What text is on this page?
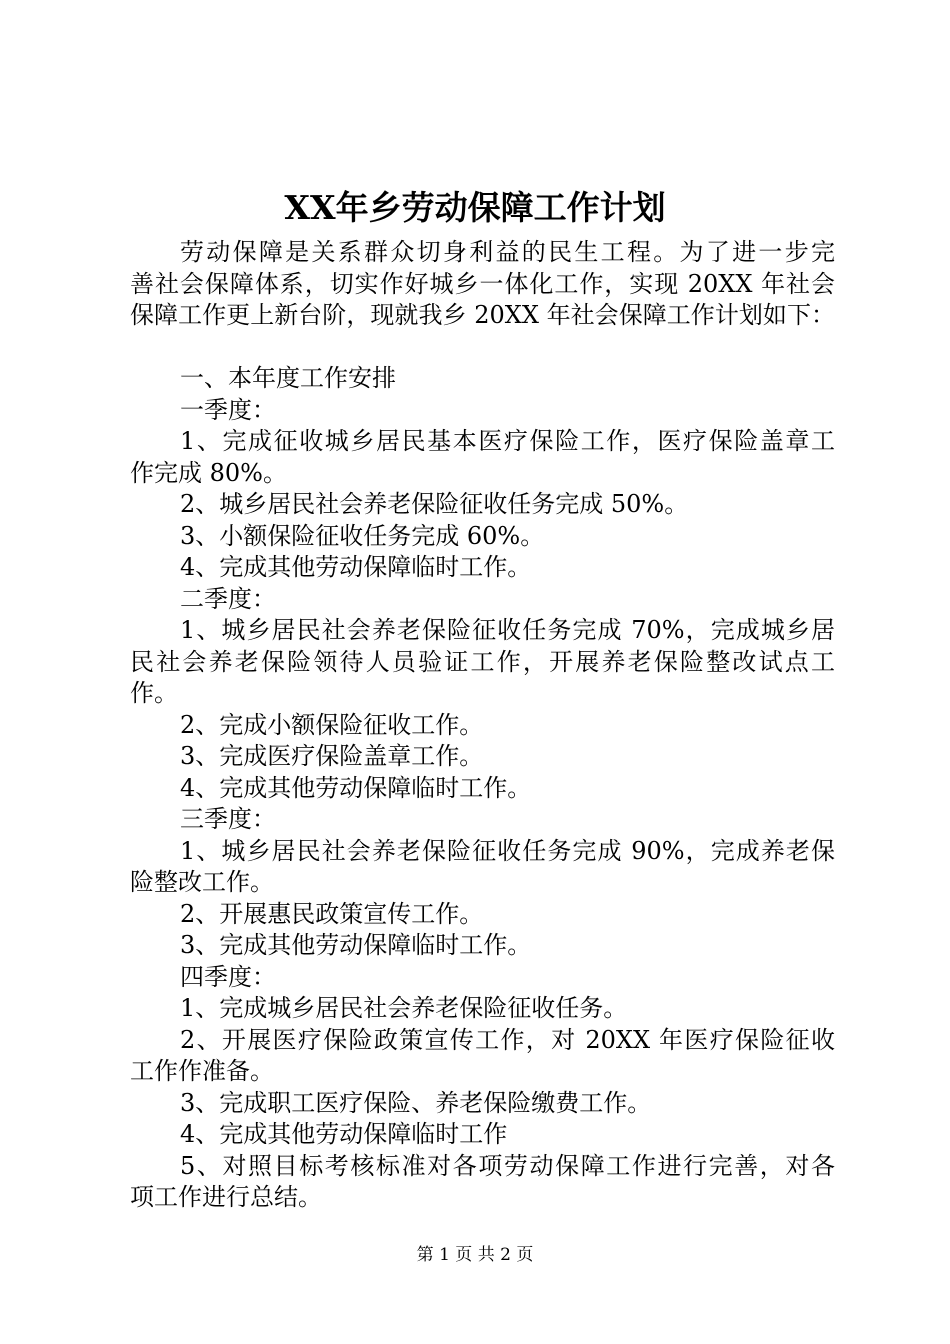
XX年乡劳动保障工作计划
劳动保障是关系群众切身利益的民生工程。为了进一步完
善社会保障体系，切实作好城乡一体化工作，实现 20XX 年社会
保障工作更上新台阶，现就我乡 20XX 年社会保障工作计划如下：
一、本年度工作安排
一季度：
1、完成征收城乡居民基本医疗保险工作，医疗保险盖章工
作完成 80%。
2、城乡居民社会养老保险征收任务完成 50%。
3、小额保险征收任务完成 60%。
4、完成其他劳动保障临时工作。
二季度：
1、城乡居民社会养老保险征收任务完成 70%，完成城乡居
民社会养老保险领待人员验证工作，开展养老保险整改试点工
作。
2、完成小额保险征收工作。
3、完成医疗保险盖章工作。
4、完成其他劳动保障临时工作。
三季度：
1、城乡居民社会养老保险征收任务完成 90%，完成养老保
险整改工作。
2、开展惠民政策宣传工作。
3、完成其他劳动保障临时工作。
四季度：
1、完成城乡居民社会养老保险征收任务。
2、开展医疗保险政策宣传工作，对 20XX 年医疗保险征收
工作作准备。
3、完成职工医疗保险、养老保险缴费工作。
4、完成其他劳动保障临时工作
5、对照目标考核标准对各项劳动保障工作进行完善，对各
项工作进行总结。
第 1 页 共 2 页
